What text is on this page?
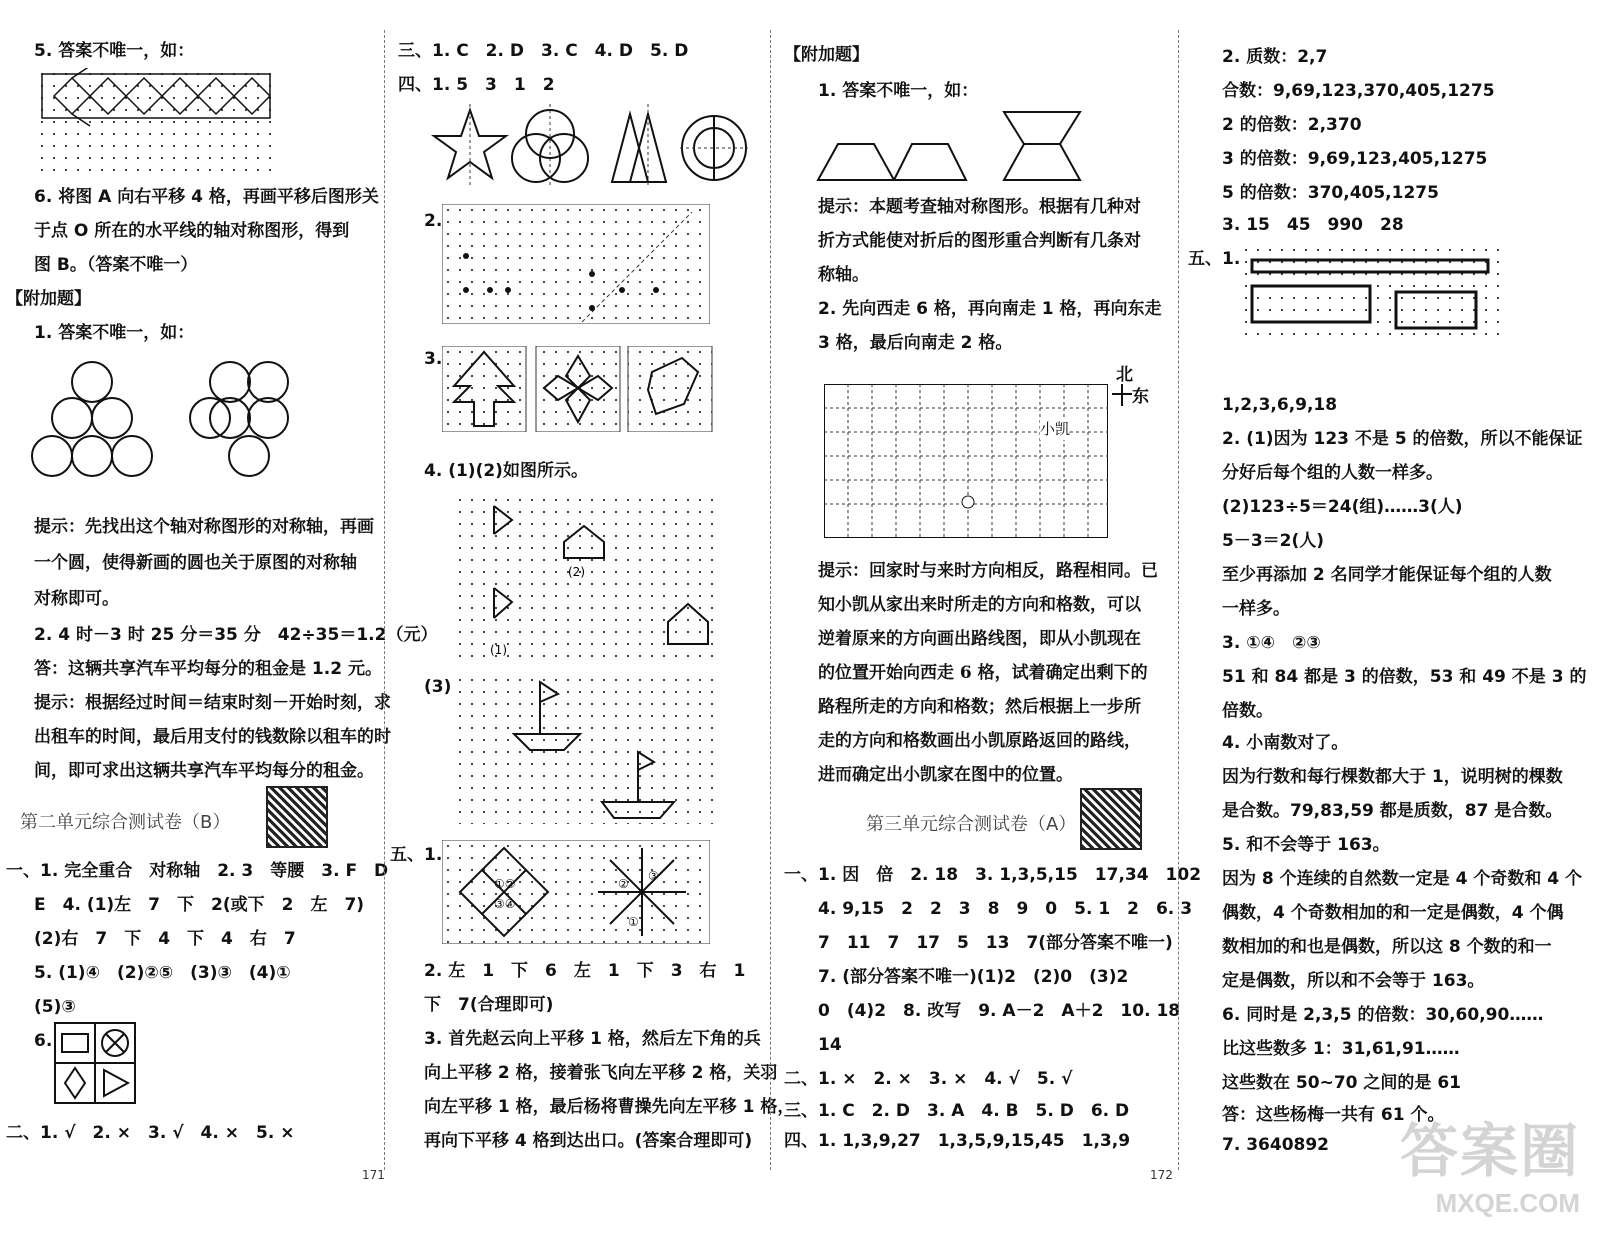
5. 答案不唯一，如：
6. 将图 A 向右平移 4 格，再画平移后图形关
于点 O 所在的水平线的轴对称图形，得到
图 B。（答案不唯一）
【附加题】
1. 答案不唯一，如：
提示：先找出这个轴对称图形的对称轴，再画
一个圆，使得新画的圆也关于原图的对称轴
对称即可。
2. 4 时－3 时 25 分＝35 分　42÷35＝1.2（元）
答：这辆共享汽车平均每分的租金是 1.2 元。
提示：根据经过时间＝结束时刻－开始时刻，求
出租车的时间，最后用支付的钱数除以租车的时
间，即可求出这辆共享汽车平均每分的租金。
第二单元综合测试卷（B）
一、1. 完全重合　对称轴　2. 3　等腰　3. F　D
E　4. (1)左　7　下　2(或下　2　左　7)
(2)右　7　下　4　下　4　右　7
5. (1)④　(2)②⑤　(3)③　(4)①
(5)③
6.
二、1. √　2. ×　3. √　4. ×　5. ×
三、1. C　2. D　3. C　4. D　5. D
四、1. 5　3　1　2
2.
3.
4. (1)(2)如图所示。
(2)
(1)
(3)
五、1.
①②
③④
③
②
①
2. 左　1　下　6　左　1　下　3　右　1
下　7(合理即可)
3. 首先赵云向上平移 1 格，然后左下角的兵
向上平移 2 格，接着张飞向左平移 2 格，关羽
向左平移 1 格，最后杨将曹操先向左平移 1 格，
再向下平移 4 格到达出口。(答案合理即可)
171
【附加题】
1. 答案不唯一，如：
提示：本题考查轴对称图形。根据有几种对
折方式能使对折后的图形重合判断有几条对
称轴。
2. 先向西走 6 格，再向南走 1 格，再向东走
3 格，最后向南走 2 格。
北
东
小凯
提示：回家时与来时方向相反，路程相同。已
知小凯从家出来时所走的方向和格数，可以
逆着原来的方向画出路线图，即从小凯现在
的位置开始向西走 6 格，试着确定出剩下的
路程所走的方向和格数；然后根据上一步所
走的方向和格数画出小凯原路返回的路线，
进而确定出小凯家在图中的位置。
第三单元综合测试卷（A）
一、1. 因　倍　2. 18　3. 1,3,5,15　17,34　102
4. 9,15　2　2　3　8　9　0　5. 1　2　6. 3
7　11　7　17　5　13　7(部分答案不唯一)
7. (部分答案不唯一)(1)2　(2)0　(3)2
0　(4)2　8. 改写　9. A－2　A＋2　10. 18
14
二、1. ×　2. ×　3. ×　4. √　5. √
三、1. C　2. D　3. A　4. B　5. D　6. D
四、1. 1,3,9,27　1,3,5,9,15,45　1,3,9
172
2. 质数：2,7
合数：9,69,123,370,405,1275
2 的倍数：2,370
3 的倍数：9,69,123,405,1275
5 的倍数：370,405,1275
3. 15　45　990　28
五、1.
1,2,3,6,9,18
2. (1)因为 123 不是 5 的倍数，所以不能保证
分好后每个组的人数一样多。
(2)123÷5＝24(组)……3(人)
5－3＝2(人)
至少再添加 2 名同学才能保证每个组的人数
一样多。
3. ①④　②③
51 和 84 都是 3 的倍数，53 和 49 不是 3 的
倍数。
4. 小南数对了。
因为行数和每行棵数都大于 1，说明树的棵数
是合数。79,83,59 都是质数，87 是合数。
5. 和不会等于 163。
因为 8 个连续的自然数一定是 4 个奇数和 4 个
偶数，4 个奇数相加的和一定是偶数，4 个偶
数相加的和也是偶数，所以这 8 个数的和一
定是偶数，所以和不会等于 163。
6. 同时是 2,3,5 的倍数：30,60,90……
比这些数多 1：31,61,91……
这些数在 50~70 之间的是 61
答：这些杨梅一共有 61 个。
7. 3640892 答案圈
MXQE.COM
